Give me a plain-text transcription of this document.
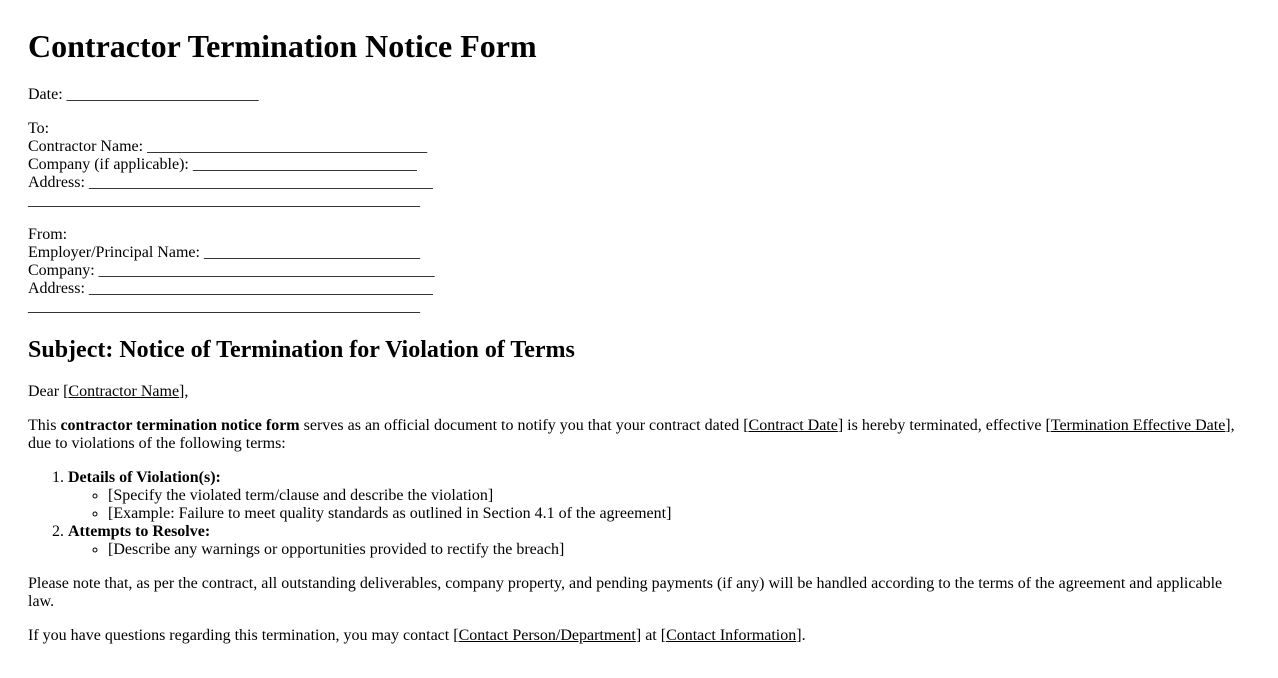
Contractor Termination Notice Form

Date: ________________________

To:
Contractor Name: ___________________________________
Company (if applicable): ____________________________
Address: ___________________________________________
_________________________________________________

From:
Employer/Principal Name: ___________________________
Company: __________________________________________
Address: ___________________________________________
_________________________________________________

Subject: Notice of Termination for Violation of Terms

Dear [Contractor Name],

This contractor termination notice form serves as an official document to notify you that your contract dated [Contract Date] is hereby terminated, effective [Termination Effective Date], due to violations of the following terms:

1. Details of Violation(s):
◦ [Specify the violated term/clause and describe the violation]
◦ [Example: Failure to meet quality standards as outlined in Section 4.1 of the agreement]
2. Attempts to Resolve:
◦ [Describe any warnings or opportunities provided to rectify the breach]

Please note that, as per the contract, all outstanding deliverables, company property, and pending payments (if any) will be handled according to the terms of the agreement and applicable law.

If you have questions regarding this termination, you may contact [Contact Person/Department] at [Contact Information].
